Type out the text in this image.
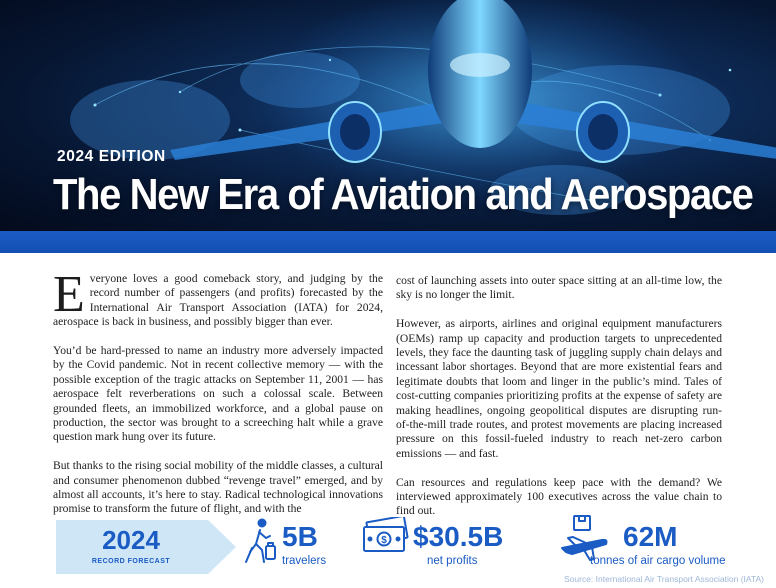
2024 EDITION
The New Era of Aviation and Aerospace

Everyone loves a good comeback story, and judging by the record number of passengers (and profits) forecasted by the International Air Transport Association (IATA) for 2024, aerospace is back in business, and possibly bigger than ever.

You’d be hard-pressed to name an industry more adversely impacted by the Covid pandemic. Not in recent collective memory — with the possible exception of the tragic attacks on September 11, 2001 — has aerospace felt reverberations on such a colossal scale. Between grounded fleets, an immobilized workforce, and a global pause on production, the sector was brought to a screeching halt while a grave question mark hung over its future.

But thanks to the rising social mobility of the middle classes, a cultural and consumer phenomenon dubbed “revenge travel” emerged, and by almost all accounts, it’s here to stay. Radical technological innovations promise to transform the future of flight, and with the

cost of launching assets into outer space sitting at an all-time low, the sky is no longer the limit.

However, as airports, airlines and original equipment manufacturers (OEMs) ramp up capacity and production targets to unprecedented levels, they face the daunting task of juggling supply chain delays and incessant labor shortages. Beyond that are more existential fears and legitimate doubts that loom and linger in the public’s mind. Tales of cost-cutting companies prioritizing profits at the expense of safety are making headlines, ongoing geopolitical disputes are disrupting run-of-the-mill trade routes, and protest movements are placing increased pressure on this fossil-fueled industry to reach net-zero carbon emissions — and fast.

Can resources and regulations keep pace with the demand? We interviewed approximately 100 executives across the value chain to find out.

2024
RECORD FORECAST
5B
travelers
$ $30.5B
net profits
62M
tonnes of air cargo volume
Source: International Air Transport Association (IATA)
